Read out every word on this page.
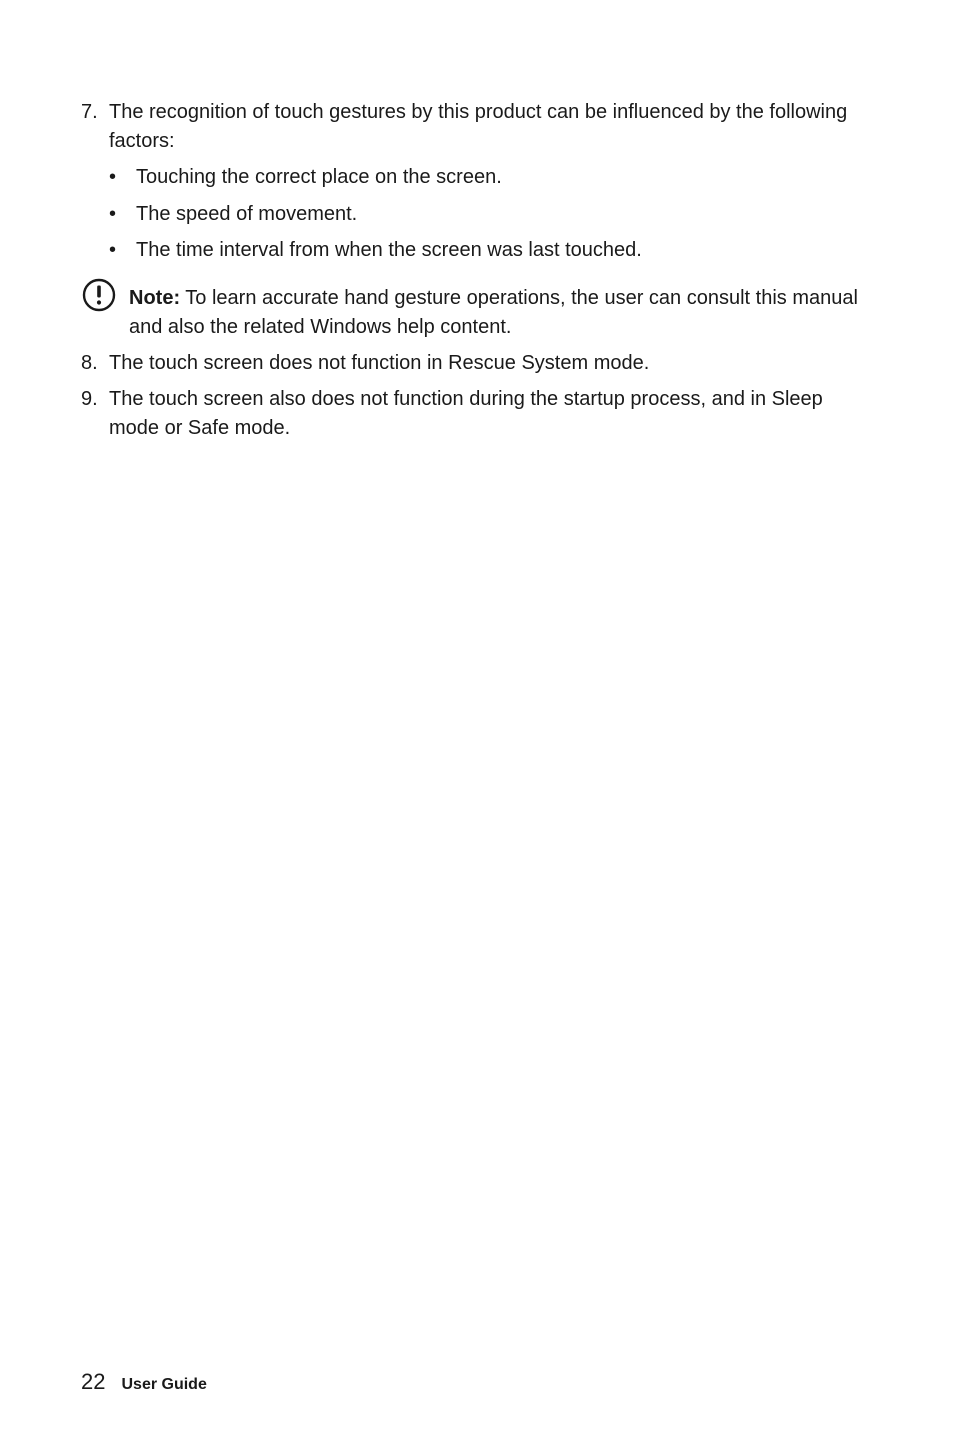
7. The recognition of touch gestures by this product can be influenced by the following factors:
• Touching the correct place on the screen.
• The speed of movement.
• The time interval from when the screen was last touched.
Note: To learn accurate hand gesture operations, the user can consult this manual and also the related Windows help content.
8. The touch screen does not function in Rescue System mode.
9. The touch screen also does not function during the startup process, and in Sleep mode or Safe mode.
22 User Guide
